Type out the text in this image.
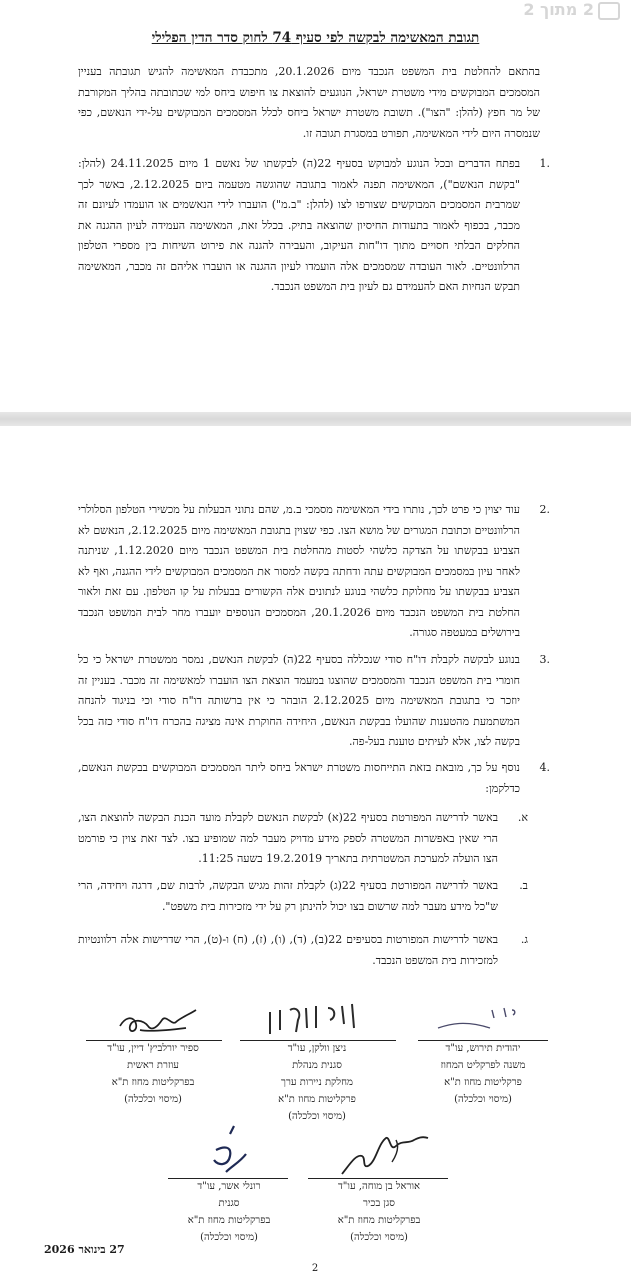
2 מתוך 2
תגובת המאשימה לבקשה לפי סעיף 74 לחוק סדר הדין הפלילי

בהתאם להחלטת בית המשפט הנכבד מיום 20.1.2026, מתכבדת המאשימה להגיש תגובתה בעניין המסמכים המבוקשים מידי משטרת ישראל, הנוגעים להוצאת צו חיפוש ביחס למי שכתובתה בהליך המקורבת של מר חפץ (להלן: "הצו"). תשובת משטרת ישראל ביחס לכלל המסמכים המבוקשים על-ידי הנאשם, כפי שנמסרה היום לידי המאשימה, תפורט במסגרת תגובה זו.

.1

בפתח הדברים ובכל הנוגע למבוקש בסעיף 22(ה) לבקשתו של נאשם 1 מיום 24.11.2025 (להלן: "בקשת הנאשם"), המאשימה תפנה לאמור בתגובה שהוגשה מטעמה ביום 2.12.2025, באשר לכך שמרבית המסמכים המבוקשים שצורפו לצו (להלן: "ב.מ") הועברו לידי הנאשמים או הועמדו לעיונם זה מכבר, בכפוף לאמור בתעודות החיסיון שהוצאה בתיק. בכלל זאת, המאשימה העמידה לעיון ההגנה את החלקים הבלתי חסויים מתוך דו"חות העיקוב, והעבירה להגנה את פירוט השיחות בין מספרי הטלפון הרלוונטיים. לאור העובדה שמסמכים אלה הועמדו לעיון ההגנה או הועברו אליהם זה מכבר, המאשימה תבקש הנחיות האם להעמידם גם לעיון בית המשפט הנכבד.

.2

עוד יצוין כי פרט לכך, נותרו בידי המאשימה מסמכי ב.מ, שהם נתוני הבעלות על מכשירי הטלפון הסלולרי הרלוונטיים וכתובת המגורים של מושא הצו. כפי שצוין בתגובת המאשימה מיום 2.12.2025, הנאשם לא הצביע בבקשתו על הצדקה כלשהי לסטות מהחלטת בית המשפט הנכבד מיום 1.12.2020, שניתנה לאחר עיון במסמכים המבוקשים עתה ודחתה בקשה למסור את המסמכים המבוקשים לידי ההגנה, ואף לא הצביע בבקשתו על מחלוקת כלשהי בנוגע לנתונים אלה הקשורים בבעלות על קו הטלפון. עם זאת ולאור החלטת בית המשפט הנכבד מיום 20.1.2026, המסמכים הנוספים יועברו מחר לבית המשפט הנכבד בירושלים במעטפה סגורה.

.3

בנוגע לבקשה לקבלת דו"ח סודי שנכללה בסעיף 22(ה) לבקשת הנאשם, נמסר ממשטרת ישראל כי כל חומרי בית המשפט הנכבד והמסמכים שהוצגו במעמד הוצאת הצו הועברו למאשימה זה מכבר. בעניין זה יוזכר כי בתגובת המאשימה מיום 2.12.2025 הובהר כי אין ברשותה דו"ח סודי וכי בניגוד להנחה המשתמעת מהטענות שהועלו בבקשת הנאשם, היחידה החוקרת אינה מציגה בהכרח דו"ח סודי כזה בכל בקשה לצו, אלא לעיתים טוענת בעל-פה.

.4

נוסף על כך, מובאת בזאת התייחסות משטרת ישראל ביחס ליתר המסמכים המבוקשים בבקשת הנאשם, כדלקמן:

א.

באשר לדרישה המפורטת בסעיף 22(א) לבקשת הנאשם לקבלת מועד הכנת הבקשה להוצאת הצו, הרי שאין באפשרות המשטרה לספק מידע מדויק מעבר למה שמופיע בצו. לצד זאת צוין כי פורמט הצו הועלה למערכת המשטרתית בתאריך 19.2.2019 בשעה 11:25.

ב.

באשר לדרישה המפורטת בסעיף 22(ג) לקבלת זהות מגיש הבקשה, לרבות שם, דרגה ויחידה, הרי ש"כל מידע מעבר למה שרשום בצו יכול להינתן רק על ידי מזכירות בית משפט".

ג.

באשר לדרישות המפורטות בסעיפים 22(ב), (ד), (ו), (ז), (ח) ו-(ט), הרי שדרישות אלה רלוונטיות למזכירות בית המשפט הנכבד.

יהודית תירוש, עו"ד
משנה לפרקליט המחוז
פרקליטות מחוז ת"א
(מיסוי וכלכלה)
ניצן וולקן, עו"ד
סגנית מנהלת
מחלקת ניירות ערך
פרקליטות מחוז ת"א
(מיסוי וכלכלה)
ספיר יורלביץ' דיין, עו"ד
עוזרת ראשית
בפרקליטות מחוז ת"א
(מיסוי וכלכלה)
אוראל בן מוחה, עו"ד
סגן בכיר
בפרקליטות מחוז ת"א
(מיסוי וכלכלה)
רונלי אשר, עו"ד
סגנית
בפרקליטות מחוז ת"א
(מיסוי וכלכלה)
27 בינואר 2026
2
